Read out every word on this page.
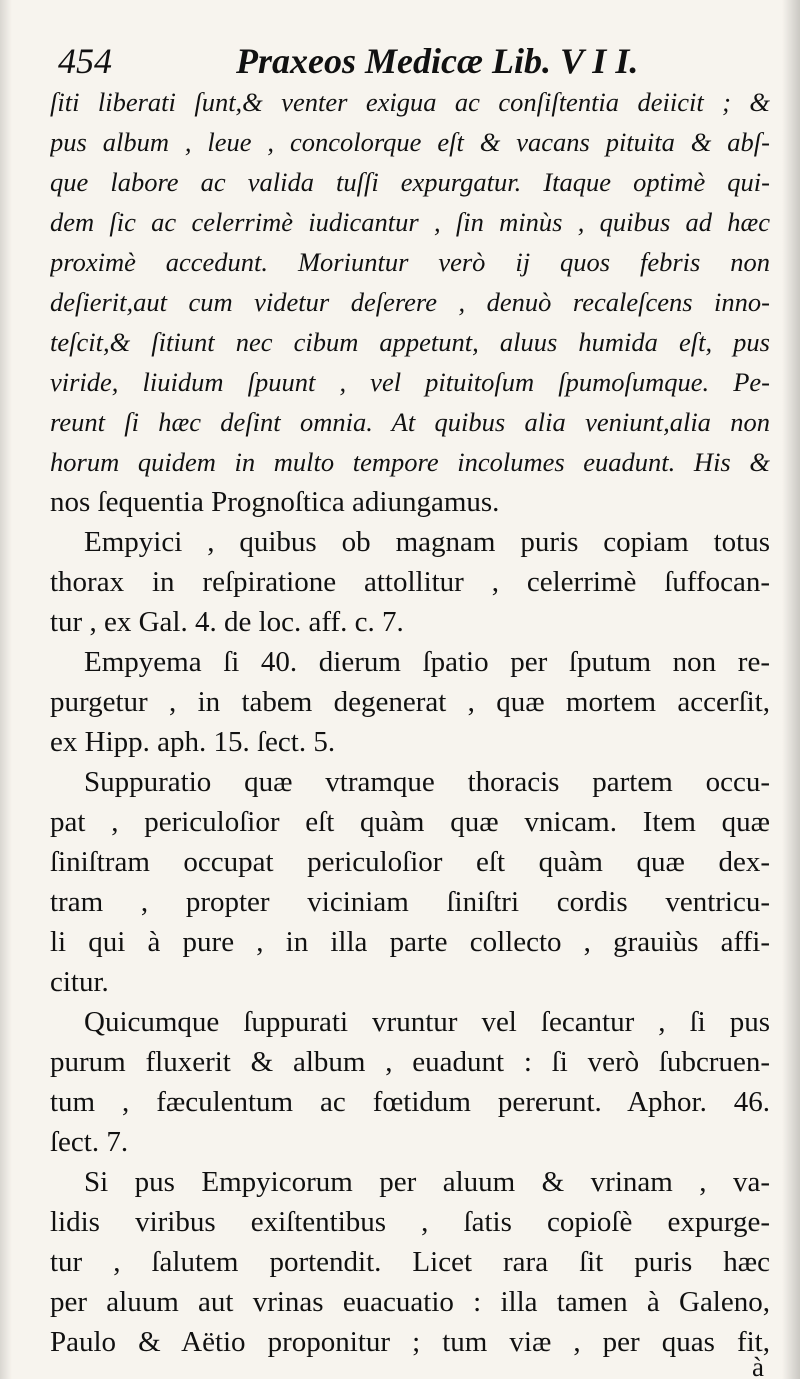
454	Praxeos Medicæ Lib. V I I.
ſiti liberati ſunt,& venter exigua ac conſiſtentia deiicit ; &
pus album , leue , concolorque eſt & vacans pituita & abſ-
que labore ac valida tuſſi expurgatur. Itaque optimè qui-
dem ſic ac celerrimè iudicantur , ſin minùs , quibus ad hæc
proximè accedunt. Moriuntur verò ij quos febris non
deſierit,aut cum videtur deſerere , denuò recaleſcens inno-
teſcit,& ſitiunt nec cibum appetunt, aluus humida eſt, pus
viride, liuidum ſpuunt , vel pituitoſum ſpumoſumque. Pe-
reunt ſi hæc deſint omnia. At quibus alia veniunt,alia non
horum quidem in multo tempore incolumes euadunt. His &
nos ſequentia Prognoſtica adiungamus.
Empyici , quibus ob magnam puris copiam totus
thorax in reſpiratione attollitur , celerrimè ſuffocan-
tur , ex Gal. 4. de loc. aff. c. 7.
Empyema ſi 40. dierum ſpatio per ſputum non re-
purgetur , in tabem degenerat , quæ mortem accerſit,
ex Hipp. aph. 15. ſect. 5.
Suppuratio quæ vtramque thoracis partem occu-
pat , periculoſior eſt quàm quæ vnicam. Item quæ
ſiniſtram occupat periculoſior eſt quàm quæ dex-
tram , propter viciniam ſiniſtri cordis ventricu-
li qui à pure , in illa parte collecto , grauiùs affi-
citur.
Quicumque ſuppurati vruntur vel ſecantur , ſi pus
purum fluxerit & album , euadunt : ſi verò ſubcruen-
tum , fæculentum ac fœtidum pererunt. Aphor. 46.
ſect. 7.
Si pus Empyicorum per aluum & vrinam , va-
lidis viribus exiſtentibus , ſatis copioſè expurge-
tur , ſalutem portendit. Licet rara ſit puris hæc
per aluum aut vrinas euacuatio : illa tamen à Galeno,
Paulo & Aëtio proponitur ; tum viæ , per quas fit,
à
